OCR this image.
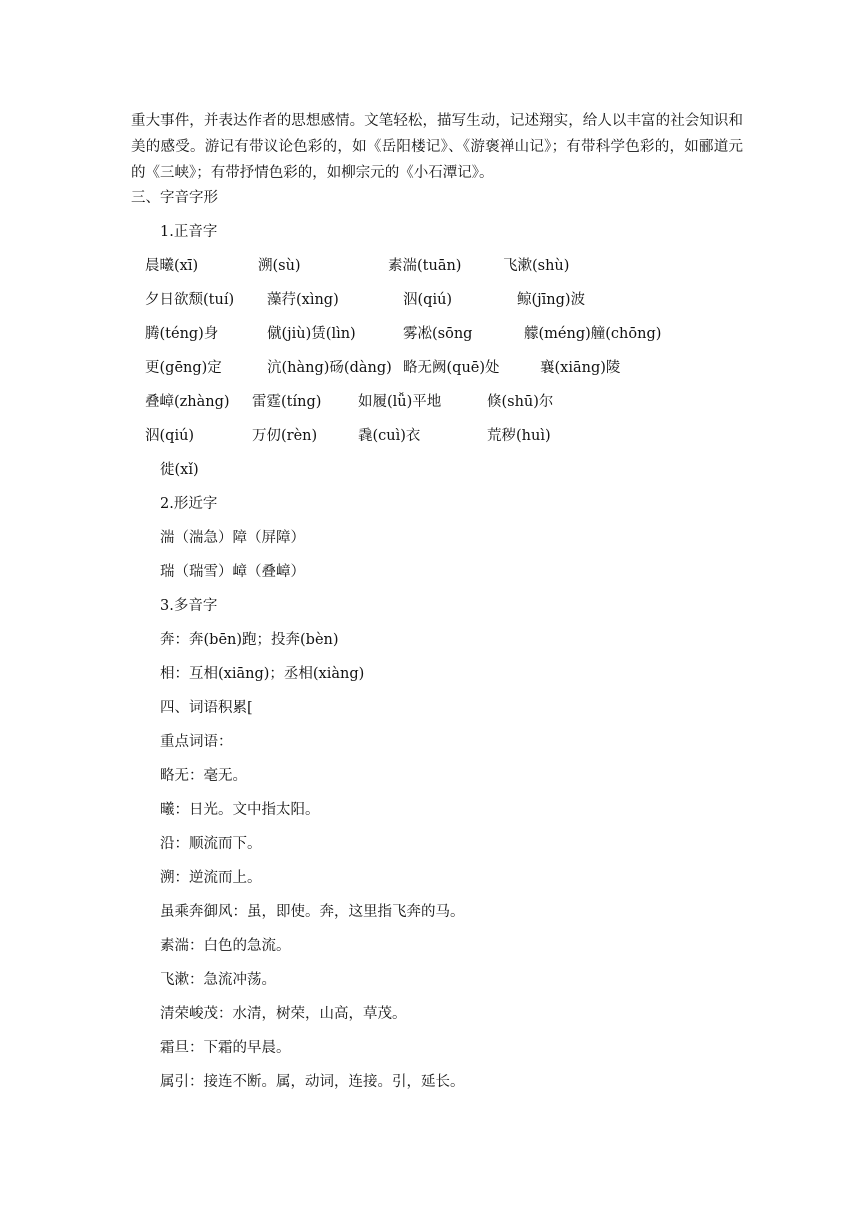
重大事件，并表达作者的思想感情。文笔轻松，描写生动，记述翔实，给人以丰富的社会知识和美的感受。游记有带议论色彩的，如《岳阳楼记》、《游褒禅山记》；有带科学色彩的，如郦道元的《三峡》；有带抒情色彩的，如柳宗元的《小石潭记》。

三、字音字形
1.正音字
晨曦(xī)	溯(sù)	素湍(tuān)	飞漱(shù)
夕日欲颓(tuí) 藻荇(xìng)	泅(qiú)	鲸(jīng)波
腾(téng)身	僦(jiù)赁(lìn)	雾凇(sōng	艨(méng)艟(chōng)
更(gēng)定	沆(hàng)砀(dàng) 略无阙(quē)处	襄(xiāng)陵
叠嶂(zhàng) 雷霆(tíng)	如履(lǚ)平地	倏(shū)尔
泅(qiú)	万仞(rèn)	毳(cuì)衣	荒秽(huì)
徙(xǐ)
2.形近字
湍（湍急）障（屏障）
瑞（瑞雪）嶂（叠嶂）
3.多音字
奔：奔(bēn)跑；投奔(bèn)
相：互相(xiāng)；丞相(xiàng)
四、词语积累[
重点词语：
略无：毫无。
曦：日光。文中指太阳。
沿：顺流而下。
溯：逆流而上。
虽乘奔御风：虽，即使。奔，这里指飞奔的马。
素湍：白色的急流。
飞漱：急流冲荡。
清荣峻茂：水清，树荣，山高，草茂。
霜旦：下霜的早晨。
属引：接连不断。属，动词，连接。引，延长。
